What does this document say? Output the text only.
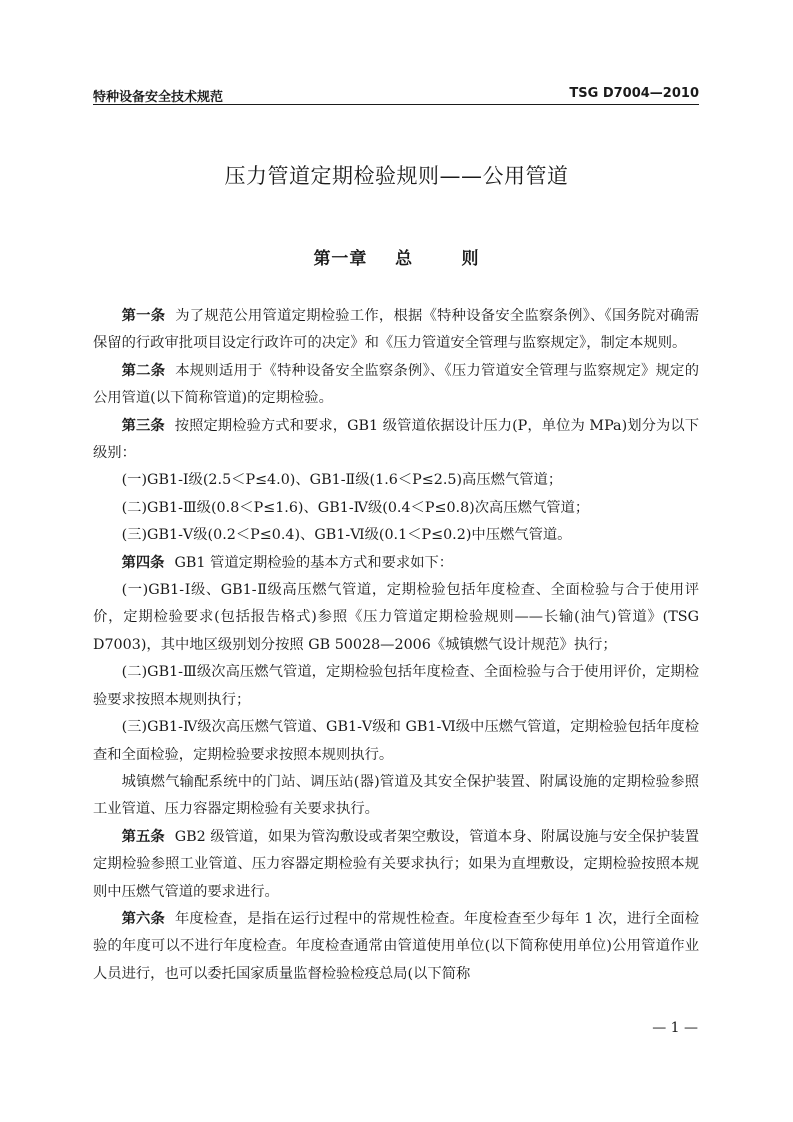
特种设备安全技术规范	TSG D7004—2010
压力管道定期检验规则——公用管道
第一章    总       则

第一条 为了规范公用管道定期检验工作，根据《特种设备安全监察条例》、《国务院对确需保留的行政审批项目设定行政许可的决定》和《压力管道安全管理与监察规定》，制定本规则。

第二条 本规则适用于《特种设备安全监察条例》、《压力管道安全管理与监察规定》规定的公用管道(以下简称管道)的定期检验。

第三条 按照定期检验方式和要求，GB1 级管道依据设计压力(P，单位为 MPa)划分为以下级别：

(一)GB1-Ⅰ级(2.5＜P≤4.0)、GB1-Ⅱ级(1.6＜P≤2.5)高压燃气管道；

(二)GB1-Ⅲ级(0.8＜P≤1.6)、GB1-Ⅳ级(0.4＜P≤0.8)次高压燃气管道；

(三)GB1-Ⅴ级(0.2＜P≤0.4)、GB1-Ⅵ级(0.1＜P≤0.2)中压燃气管道。

第四条 GB1 管道定期检验的基本方式和要求如下：

(一)GB1-Ⅰ级、GB1-Ⅱ级高压燃气管道，定期检验包括年度检查、全面检验与合于使用评价，定期检验要求(包括报告格式)参照《压力管道定期检验规则——长输(油气)管道》(TSG D7003)，其中地区级别划分按照 GB 50028—2006《城镇燃气设计规范》执行；

(二)GB1-Ⅲ级次高压燃气管道，定期检验包括年度检查、全面检验与合于使用评价，定期检验要求按照本规则执行；

(三)GB1-Ⅳ级次高压燃气管道、GB1-Ⅴ级和 GB1-Ⅵ级中压燃气管道，定期检验包括年度检查和全面检验，定期检验要求按照本规则执行。

城镇燃气输配系统中的门站、调压站(器)管道及其安全保护装置、附属设施的定期检验参照工业管道、压力容器定期检验有关要求执行。

第五条 GB2 级管道，如果为管沟敷设或者架空敷设，管道本身、附属设施与安全保护装置定期检验参照工业管道、压力容器定期检验有关要求执行；如果为直埋敷设，定期检验按照本规则中压燃气管道的要求进行。

第六条 年度检查，是指在运行过程中的常规性检查。年度检查至少每年 1 次，进行全面检验的年度可以不进行年度检查。年度检查通常由管道使用单位(以下简称使用单位)公用管道作业人员进行，也可以委托国家质量监督检验检疫总局(以下简称

— 1 —
